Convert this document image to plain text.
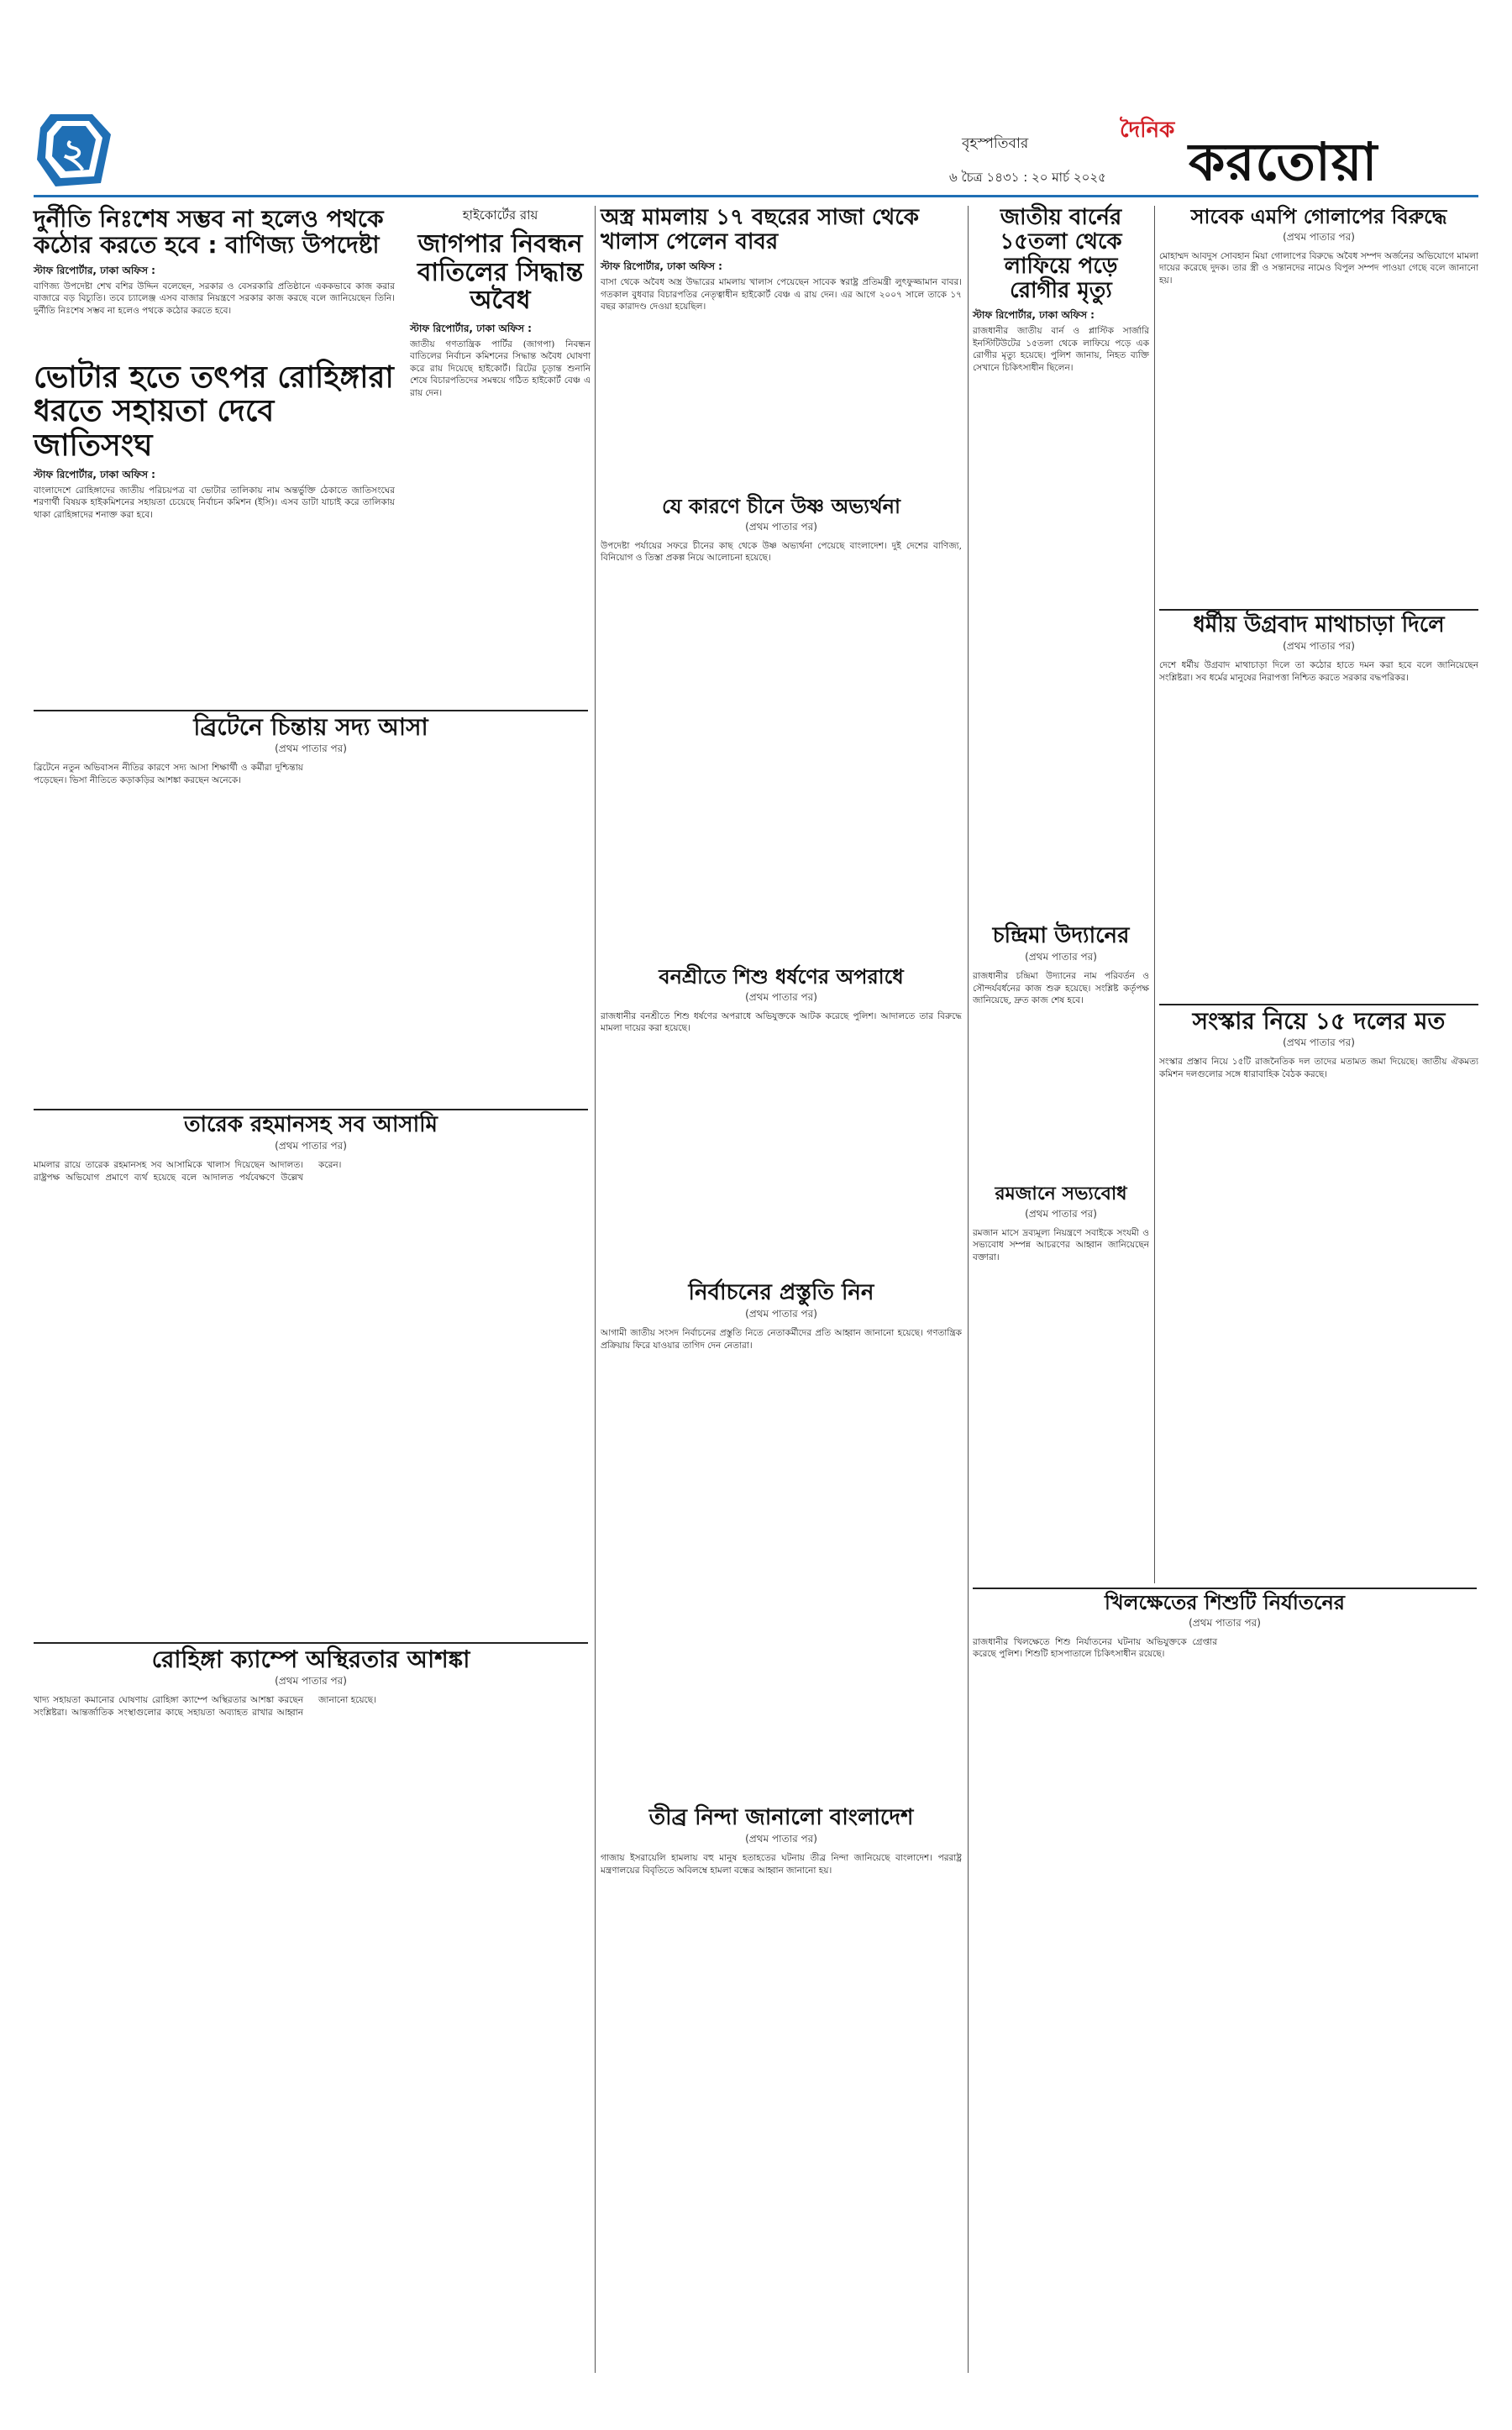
২	বৃহস্পতিবার
৬ চৈত্র ১৪৩১ : ২০ মার্চ ২০২৫
দৈনিক
করতোয়া
দুর্নীতি নিঃশেষ সম্ভব না হলেও পথকে কঠোর করতে হবে : বাণিজ্য উপদেষ্টা
স্টাফ রিপোর্টার, ঢাকা অফিস :
বাণিজ্য উপদেষ্টা শেখ বশির উদ্দিন বলেছেন, সরকার ও বেসরকারি প্রতিষ্ঠানে এককভাবে কাজ করার বাজারে বড় বিচ্যুতি। তবে চ্যালেঞ্জ এসব বাজার নিয়ন্ত্রণে সরকার কাজ করছে বলে জানিয়েছেন তিনি। দুর্নীতি নিঃশেষ সম্ভব না হলেও পথকে কঠোর করতে হবে।
ভোটার হতে তৎপর রোহিঙ্গারা ধরতে সহায়তা দেবে জাতিসংঘ
স্টাফ রিপোর্টার, ঢাকা অফিস :
বাংলাদেশে রোহিঙ্গাদের জাতীয় পরিচয়পত্র বা ভোটার তালিকায় নাম অন্তর্ভুক্তি ঠেকাতে জাতিসংঘের শরণার্থী বিষয়ক হাইকমিশনের সহায়তা চেয়েছে নির্বাচন কমিশন (ইসি)। এসব ডাটা যাচাই করে তালিকায় থাকা রোহিঙ্গাদের শনাক্ত করা হবে।
হাইকোর্টের রায়
জাগপার নিবন্ধন বাতিলের সিদ্ধান্ত অবৈধ
স্টাফ রিপোর্টার, ঢাকা অফিস :
জাতীয় গণতান্ত্রিক পার্টির (জাগপা) নিবন্ধন বাতিলের নির্বাচন কমিশনের সিদ্ধান্ত অবৈধ ঘোষণা করে রায় দিয়েছে হাইকোর্ট। রিটের চূড়ান্ত শুনানি শেষে বিচারপতিদের সমন্বয়ে গঠিত হাইকোর্ট বেঞ্চ এ রায় দেন।
অস্ত্র মামলায় ১৭ বছরের সাজা থেকে খালাস পেলেন বাবর
স্টাফ রিপোর্টার, ঢাকা অফিস :
বাসা থেকে অবৈধ অস্ত্র উদ্ধারের মামলায় খালাস পেয়েছেন সাবেক স্বরাষ্ট্র প্রতিমন্ত্রী লুৎফুজ্জামান বাবর। গতকাল বুধবার বিচারপতির নেতৃত্বাধীন হাইকোর্ট বেঞ্চ এ রায় দেন। এর আগে ২০০৭ সালে তাকে ১৭ বছর কারাদণ্ড দেওয়া হয়েছিল।
যে কারণে চীনে উষ্ণ অভ্যর্থনা
(প্রথম পাতার পর)
উপদেষ্টা পর্যায়ের সফরে চীনের কাছ থেকে উষ্ণ অভ্যর্থনা পেয়েছে বাংলাদেশ। দুই দেশের বাণিজ্য, বিনিয়োগ ও তিস্তা প্রকল্প নিয়ে আলোচনা হয়েছে।
জাতীয় বার্নের ১৫তলা থেকে লাফিয়ে পড়ে রোগীর মৃত্যু
স্টাফ রিপোর্টার, ঢাকা অফিস :
রাজধানীর জাতীয় বার্ন ও প্লাস্টিক সার্জারি ইনস্টিটিউটের ১৫তলা থেকে লাফিয়ে পড়ে এক রোগীর মৃত্যু হয়েছে। পুলিশ জানায়, নিহত ব্যক্তি সেখানে চিকিৎসাধীন ছিলেন।
সাবেক এমপি গোলাপের বিরুদ্ধে
(প্রথম পাতার পর)
মোহাম্মদ আবদুস সোবহান মিয়া গোলাপের বিরুদ্ধে অবৈধ সম্পদ অর্জনের অভিযোগে মামলা দায়ের করেছে দুদক। তার স্ত্রী ও সন্তানদের নামেও বিপুল সম্পদ পাওয়া গেছে বলে জানানো হয়।
ধর্মীয় উগ্রবাদ মাথাচাড়া দিলে
(প্রথম পাতার পর)
দেশে ধর্মীয় উগ্রবাদ মাথাচাড়া দিলে তা কঠোর হাতে দমন করা হবে বলে জানিয়েছেন সংশ্লিষ্টরা। সব ধর্মের মানুষের নিরাপত্তা নিশ্চিত করতে সরকার বদ্ধপরিকর।
চন্দ্রিমা উদ্যানের
(প্রথম পাতার পর)
রাজধানীর চন্দ্রিমা উদ্যানের নাম পরিবর্তন ও সৌন্দর্যবর্ধনের কাজ শুরু হয়েছে। সংশ্লিষ্ট কর্তৃপক্ষ জানিয়েছে, দ্রুত কাজ শেষ হবে।
সংস্কার নিয়ে ১৫ দলের মত
(প্রথম পাতার পর)
সংস্কার প্রস্তাব নিয়ে ১৫টি রাজনৈতিক দল তাদের মতামত জমা দিয়েছে। জাতীয় ঐকমত্য কমিশন দলগুলোর সঙ্গে ধারাবাহিক বৈঠক করছে।
ব্রিটেনে চিন্তায় সদ্য আসা
(প্রথম পাতার পর)
ব্রিটেনে নতুন অভিবাসন নীতির কারণে সদ্য আসা শিক্ষার্থী ও কর্মীরা দুশ্চিন্তায় পড়েছেন। ভিসা নীতিতে কড়াকড়ির আশঙ্কা করছেন অনেকে।
বনশ্রীতে শিশু ধর্ষণের অপরাধে
(প্রথম পাতার পর)
রাজধানীর বনশ্রীতে শিশু ধর্ষণের অপরাধে অভিযুক্তকে আটক করেছে পুলিশ। আদালতে তার বিরুদ্ধে মামলা দায়ের করা হয়েছে।
রমজানে সভ্যবোধ
(প্রথম পাতার পর)
রমজান মাসে দ্রব্যমূল্য নিয়ন্ত্রণে সবাইকে সংযমী ও সভ্যবোধ সম্পন্ন আচরণের আহ্বান জানিয়েছেন বক্তারা।
তারেক রহমানসহ সব আসামি
(প্রথম পাতার পর)
মামলার রায়ে তারেক রহমানসহ সব আসামিকে খালাস দিয়েছেন আদালত। রাষ্ট্রপক্ষ অভিযোগ প্রমাণে ব্যর্থ হয়েছে বলে আদালত পর্যবেক্ষণে উল্লেখ করেন।
নির্বাচনের প্রস্তুতি নিন
(প্রথম পাতার পর)
আগামী জাতীয় সংসদ নির্বাচনের প্রস্তুতি নিতে নেতাকর্মীদের প্রতি আহ্বান জানানো হয়েছে। গণতান্ত্রিক প্রক্রিয়ায় ফিরে যাওয়ার তাগিদ দেন নেতারা।
খিলক্ষেতের শিশুটি নির্যাতনের
(প্রথম পাতার পর)
রাজধানীর খিলক্ষেতে শিশু নির্যাতনের ঘটনায় অভিযুক্তকে গ্রেপ্তার করেছে পুলিশ। শিশুটি হাসপাতালে চিকিৎসাধীন রয়েছে।
রোহিঙ্গা ক্যাম্পে অস্থিরতার আশঙ্কা
(প্রথম পাতার পর)
খাদ্য সহায়তা কমানোর ঘোষণায় রোহিঙ্গা ক্যাম্পে অস্থিরতার আশঙ্কা করছেন সংশ্লিষ্টরা। আন্তর্জাতিক সংস্থাগুলোর কাছে সহায়তা অব্যাহত রাখার আহ্বান জানানো হয়েছে।
তীব্র নিন্দা জানালো বাংলাদেশ
(প্রথম পাতার পর)
গাজায় ইসরায়েলি হামলায় বহু মানুষ হতাহতের ঘটনায় তীব্র নিন্দা জানিয়েছে বাংলাদেশ। পররাষ্ট্র মন্ত্রণালয়ের বিবৃতিতে অবিলম্বে হামলা বন্ধের আহ্বান জানানো হয়।
